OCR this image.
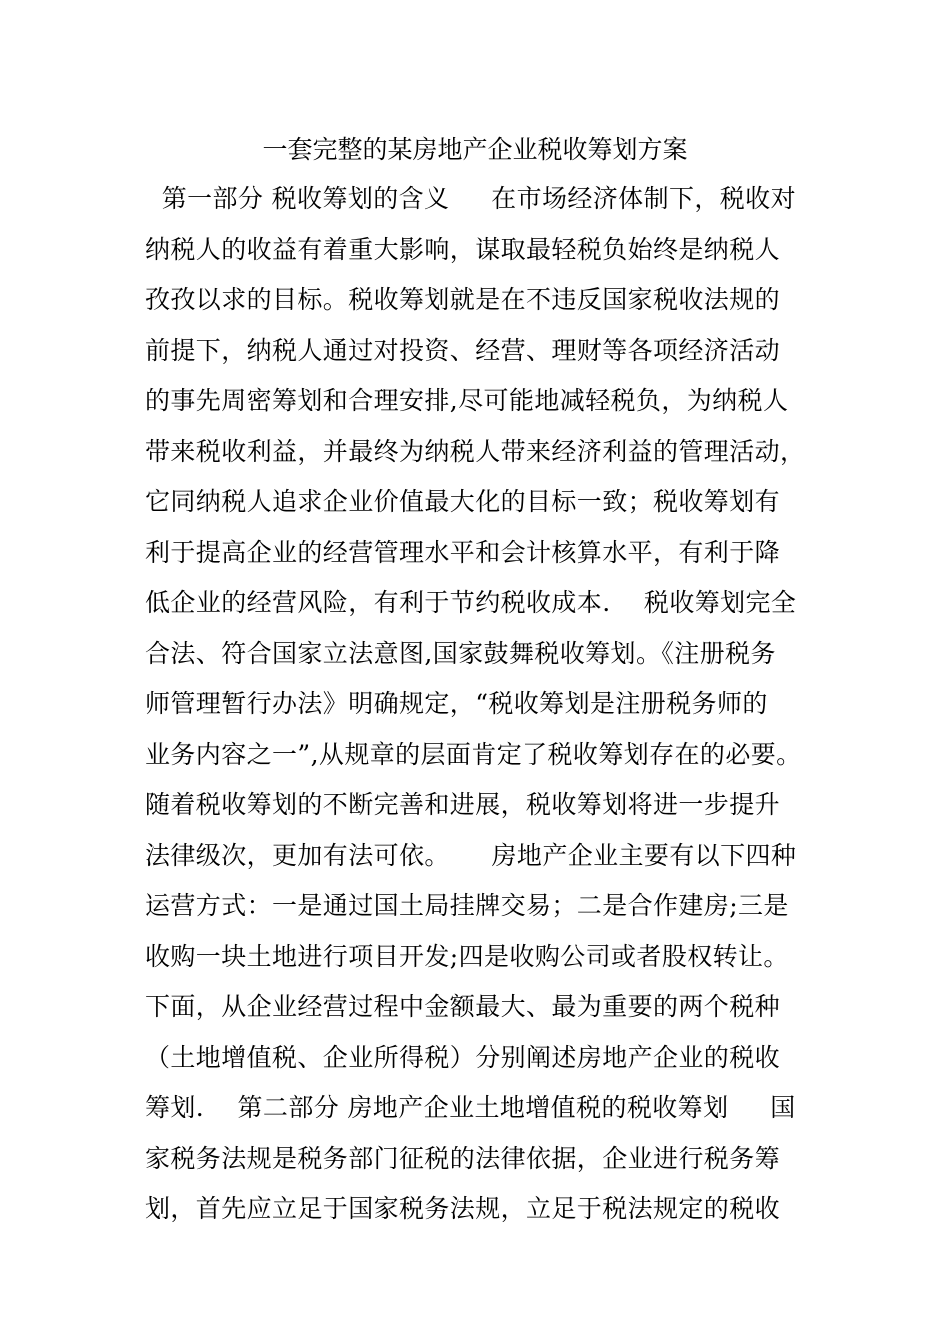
一套完整的某房地产企业税收筹划方案
第一部分 税收筹划的含义     在市场经济体制下，税收对
纳税人的收益有着重大影响，谋取最轻税负始终是纳税人
孜孜以求的目标。税收筹划就是在不违反国家税收法规的
前提下，纳税人通过对投资、经营、理财等各项经济活动
的事先周密筹划和合理安排,尽可能地减轻税负，为纳税人
带来税收利益，并最终为纳税人带来经济利益的管理活动，
它同纳税人追求企业价值最大化的目标一致；税收筹划有
利于提高企业的经营管理水平和会计核算水平，有利于降
低企业的经营风险，有利于节约税收成本.    税收筹划完全
合法、符合国家立法意图,国家鼓舞税收筹划。《注册税务
师管理暂行办法》明确规定，“税收筹划是注册税务师的
业务内容之一”,从规章的层面肯定了税收筹划存在的必要。
随着税收筹划的不断完善和进展，税收筹划将进一步提升
法律级次，更加有法可依。     房地产企业主要有以下四种
运营方式：一是通过国土局挂牌交易；二是合作建房;三是
收购一块土地进行项目开发;四是收购公司或者股权转让。
下面，从企业经营过程中金额最大、最为重要的两个税种
（土地增值税、企业所得税）分别阐述房地产企业的税收
筹划.    第二部分 房地产企业土地增值税的税收筹划     国
家税务法规是税务部门征税的法律依据，企业进行税务筹
划，首先应立足于国家税务法规，立足于税法规定的税收
